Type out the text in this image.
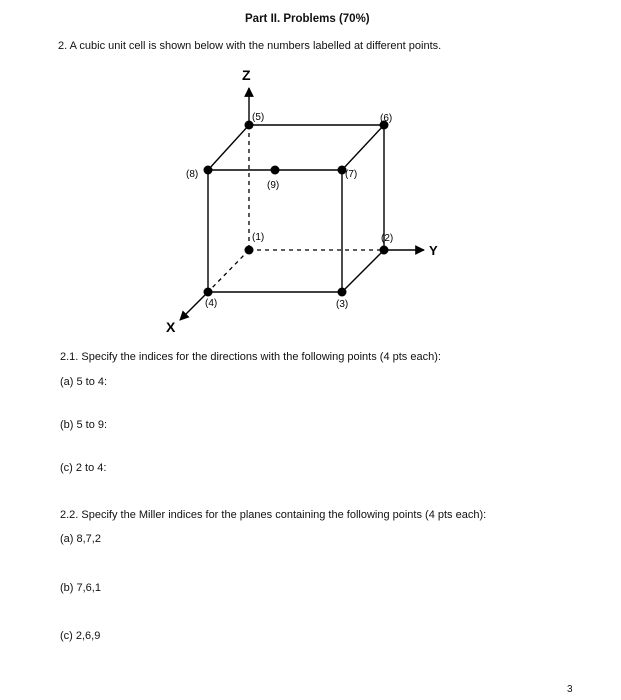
Part II. Problems (70%)
2. A cubic unit cell is shown below with the numbers labelled at different points.
Z
Y
X
(5)	(6)
(8)	(7)
(9)
(1)	(2)
(4)	(3)
2.1. Specify the indices for the directions with the following points (4 pts each):
(a) 5 to 4:
(b) 5 to 9:
(c) 2 to 4:
2.2. Specify the Miller indices for the planes containing the following points (4 pts each):
(a) 8,7,2
(b) 7,6,1
(c) 2,6,9
3
